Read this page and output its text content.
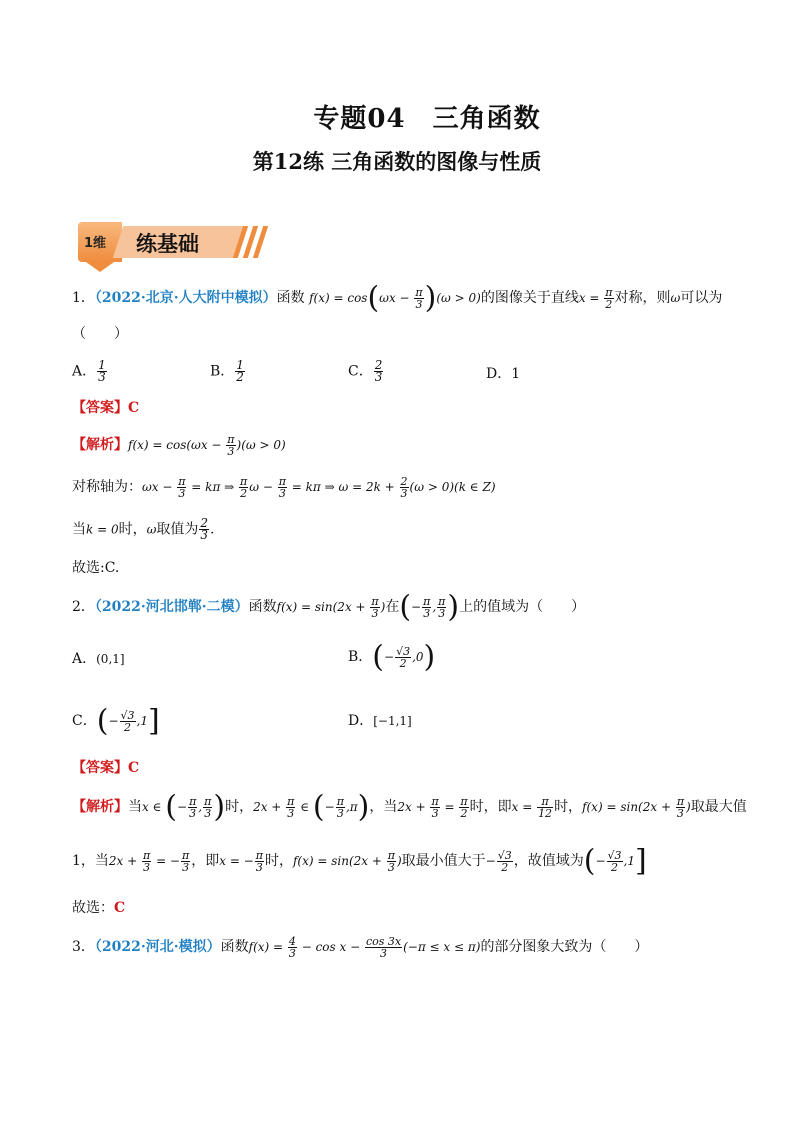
专题04　三角函数
第12练 三角函数的图像与性质
1维 练基础
1．（2022·北京·人大附中模拟）函数 $f(x) = \cos(\omega x - \frac{\pi}{3} )(\omega > 0)$的图像关于直线$x = \frac{\pi}{2}$ 对称，则ω可以为
（　　）
A． $\frac{1}{3}$	B． $\frac{1}{2}$	C． $\frac{2}{3}$	D．1
【答案】C
【解析】$f(x) = \cos(\omega x - \frac{\pi}{3} )(\omega > 0)$
对称轴为：$\omega x - \frac{\pi}{3} = k\pi$ ⇒ $\frac{\pi}{2}$ $\omega - \frac{\pi}{3} = k\pi$ ⇒ $\omega = 2k + \frac{2}{3} (\omega > 0)(k$ ∈ Z)
当k = 0时，ω取值为 $\frac{2}{3}$ .
故选:C.
2．（2022·河北邯郸·二模）函数$f(x) = \sin(2x + \frac{\pi}{3}$ )在(− $\frac{\pi}{3}$ , $\frac{\pi}{3}$ )上的值域为（　　）
A．(0,1]	B．(− $\frac{√3}{2} ,0$)
C．(− $\frac{√3}{2} ,1$]	D．[−1,1]
【答案】C
【解析】当x ∈ (− $\frac{\pi}{3}$ , $\frac{\pi}{3}$ )时，$2x + \frac{\pi}{3}$ ∈ (− $\frac{\pi}{3} ,\pi$)，当$2x + \frac{\pi}{3} = \frac{\pi}{2}$ 时，即$x = \frac{\pi}{12}$ 时，$f(x) = \sin(2x + \frac{\pi}{3}$ )取最大值
1，当$2x + \frac{\pi}{3}$ = − $\frac{\pi}{3}$ ，即x = − $\frac{\pi}{3}$ 时，$f(x) = \sin(2x + \frac{\pi}{3}$ )取最小值大于− $\frac{√3}{2}$ ，故值域为(− $\frac{√3}{2} ,1$]
故选：C
3．（2022·河北·模拟）函数$f(x) = \frac{4}{3} - \cos x - \frac{\cos 3x}{3} (-\pi \le x \le \pi)$的部分图象大致为（　　）
